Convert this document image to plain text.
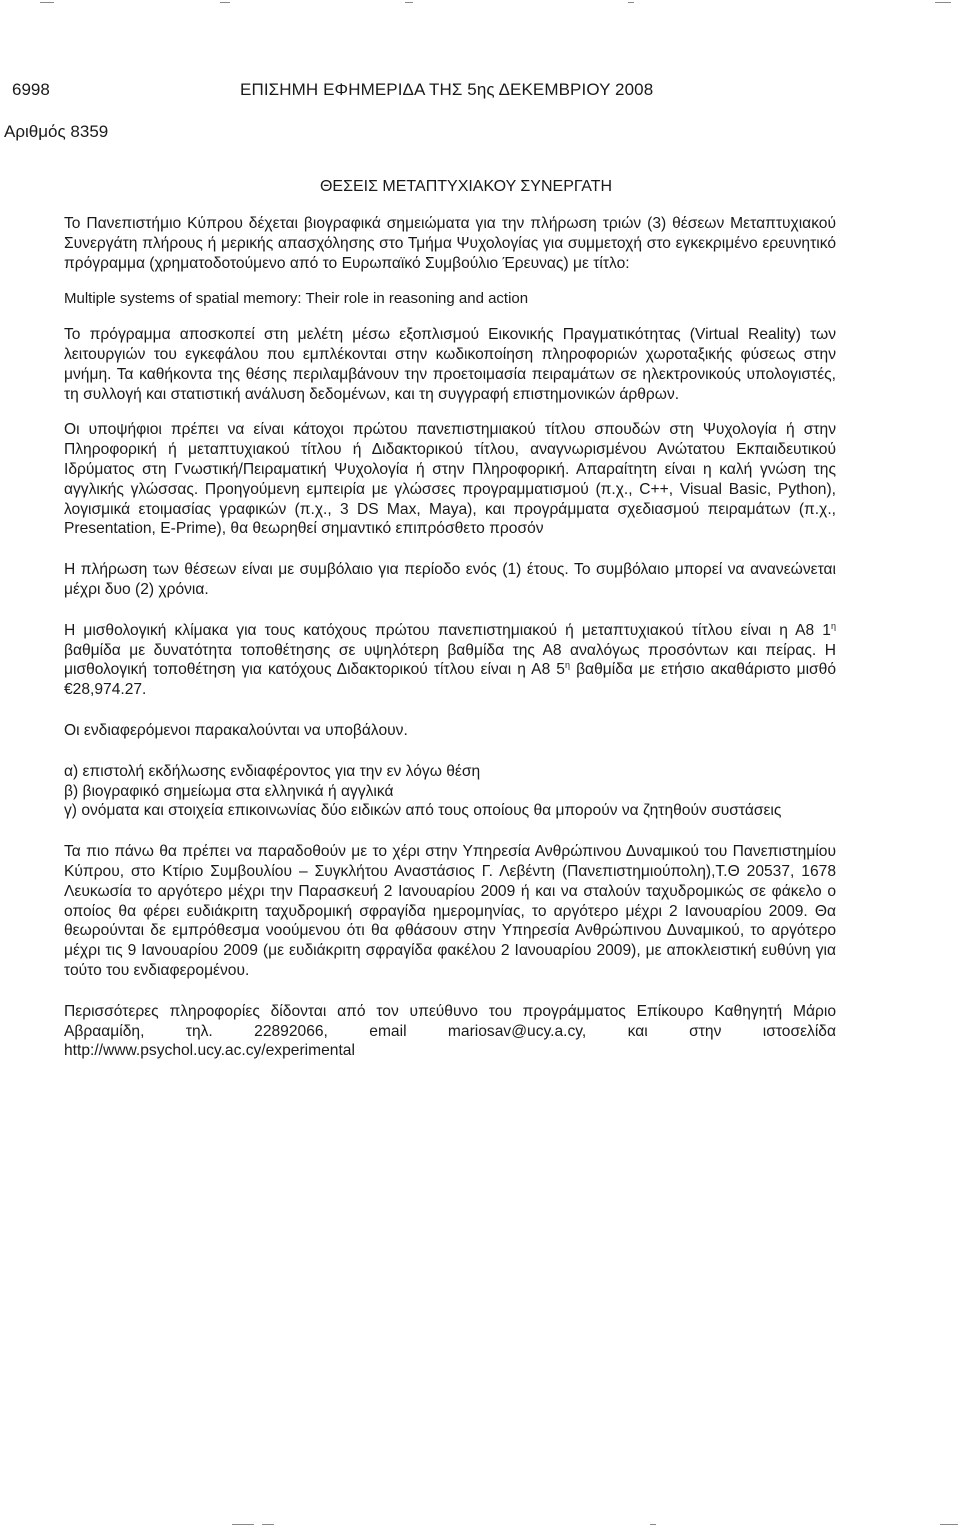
6998	ΕΠΙΣΗΜΗ ΕΦΗΜΕΡΙΔΑ ΤΗΣ 5ης ΔΕΚΕΜΒΡΙΟΥ 2008
Αριθμός 8359
ΘΕΣΕΙΣ ΜΕΤΑΠΤΥΧΙΑΚΟΥ ΣΥΝΕΡΓΑΤΗ

Το Πανεπιστήμιο Κύπρου δέχεται βιογραφικά σημειώματα για την πλήρωση τριών (3) θέσεων Μεταπτυχιακού Συνεργάτη πλήρους ή μερικής απασχόλησης στο Τμήμα Ψυχολογίας για συμμετοχή στο εγκεκριμένο ερευνητικό πρόγραμμα (χρηματοδοτούμενο από το Ευρωπαϊκό Συμβούλιο Έρευνας) με τίτλο:

Multiple systems of spatial memory: Their role in reasoning and action

Το πρόγραμμα αποσκοπεί στη μελέτη μέσω εξοπλισμού Εικονικής Πραγματικότητας (Virtual Reality) των λειτουργιών του εγκεφάλου που εμπλέκονται στην κωδικοποίηση πληροφοριών χωροταξικής φύσεως στην μνήμη. Τα καθήκοντα της θέσης περιλαμβάνουν την προετοιμασία πειραμάτων σε ηλεκτρονικούς υπολογιστές, τη συλλογή και στατιστική ανάλυση δεδομένων, και τη συγγραφή επιστημονικών άρθρων.

Οι υποψήφιοι πρέπει να είναι κάτοχοι πρώτου πανεπιστημιακού τίτλου σπουδών στη Ψυχολογία ή στην Πληροφορική ή μεταπτυχιακού τίτλου ή Διδακτορικού τίτλου, αναγνωρισμένου Ανώτατου Εκπαιδευτικού Ιδρύματος στη Γνωστική/Πειραματική Ψυχολογία ή στην Πληροφορική. Απαραίτητη είναι η καλή γνώση της αγγλικής γλώσσας. Προηγούμενη εμπειρία με γλώσσες προγραμματισμού (π.χ., C++, Visual Basic, Python), λογισμικά ετοιμασίας γραφικών (π.χ., 3 DS Max, Maya), και προγράμματα σχεδιασμού πειραμάτων (π.χ., Presentation, E-Prime), θα θεωρηθεί σημαντικό επιπρόσθετο προσόν

Η πλήρωση των θέσεων είναι με συμβόλαιο για περίοδο ενός (1) έτους. Το συμβόλαιο μπορεί να ανανεώνεται μέχρι δυο (2) χρόνια.

Η μισθολογική κλίμακα για τους κατόχους πρώτου πανεπιστημιακού ή μεταπτυχιακού τίτλου είναι η Α8 $1^\eta$ βαθμίδα με δυνατότητα τοποθέτησης σε υψηλότερη βαθμίδα της Α8 αναλόγως προσόντων και πείρας. Η μισθολογική τοποθέτηση για κατόχους Διδακτορικού τίτλου είναι η Α8 $5^\eta$ βαθμίδα με ετήσιο ακαθάριστο μισθό €28,974.27.

Οι ενδιαφερόμενοι παρακαλούνται να υποβάλουν.

α) επιστολή εκδήλωσης ενδιαφέροντος για την εν λόγω θέση

β) βιογραφικό σημείωμα στα ελληνικά ή αγγλικά

γ) ονόματα και στοιχεία επικοινωνίας δύο ειδικών από τους οποίους θα μπορούν να ζητηθούν συστάσεις

Τα πιο πάνω θα πρέπει να παραδοθούν με το χέρι στην Υπηρεσία Ανθρώπινου Δυναμικού του Πανεπιστημίου Κύπρου, στο Κτίριο Συμβουλίου – Συγκλήτου Αναστάσιος Γ. Λεβέντη (Πανεπιστημιούπολη),Τ.Θ 20537, 1678 Λευκωσία το αργότερο μέχρι την Παρασκευή 2 Ιανουαρίου 2009 ή και να σταλούν ταχυδρομικώς σε φάκελο ο οποίος θα φέρει ευδιάκριτη ταχυδρομική σφραγίδα ημερομηνίας, το αργότερο μέχρι 2 Ιανουαρίου 2009. Θα θεωρούνται δε εμπρόθεσμα νοούμενου ότι θα φθάσουν στην Υπηρεσία Ανθρώπινου Δυναμικού, το αργότερο μέχρι τις 9 Ιανουαρίου 2009 (με ευδιάκριτη σφραγίδα φακέλου 2 Ιανουαρίου 2009), με αποκλειστική ευθύνη για τούτο του ενδιαφερομένου.

Περισσότερες πληροφορίες δίδονται από τον υπεύθυνο του προγράμματος Επίκουρο Καθηγητή Μάριο Αβρααμίδη, τηλ. 22892066, email mariosav@ucy.a.cy, και στην ιστοσελίδα http://www.psychol.ucy.ac.cy/experimental
